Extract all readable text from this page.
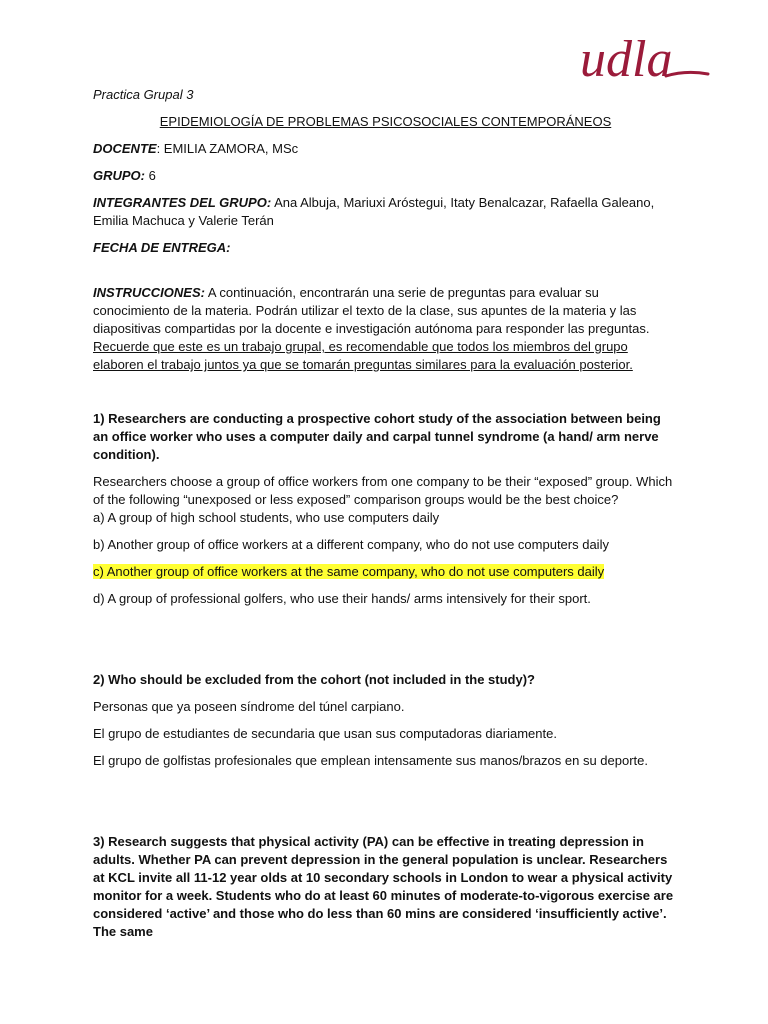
udla

Practica Grupal 3

EPIDEMIOLOGÍA DE PROBLEMAS PSICOSOCIALES CONTEMPORÁNEOS

DOCENTE: EMILIA ZAMORA, MSc

GRUPO: 6

INTEGRANTES DEL GRUPO: Ana Albuja, Mariuxi Aróstegui, Itaty Benalcazar, Rafaella Galeano, Emilia Machuca y Valerie Terán

FECHA DE ENTREGA:

INSTRUCCIONES: A continuación, encontrarán una serie de preguntas para evaluar su conocimiento de la materia. Podrán utilizar el texto de la clase, sus apuntes de la materia y las diapositivas compartidas por la docente e investigación autónoma para responder las preguntas. Recuerde que este es un trabajo grupal, es recomendable que todos los miembros del grupo elaboren el trabajo juntos ya que se tomarán preguntas similares para la evaluación posterior.

1) Researchers are conducting a prospective cohort study of the association between being an office worker who uses a computer daily and carpal tunnel syndrome (a hand/ arm nerve condition).

Researchers choose a group of office workers from one company to be their “exposed” group. Which of the following “unexposed or less exposed” comparison groups would be the best choice?

a) A group of high school students, who use computers daily

b) Another group of office workers at a different company, who do not use computers daily

c) Another group of office workers at the same company, who do not use computers daily

d) A group of professional golfers, who use their hands/ arms intensively for their sport.

2) Who should be excluded from the cohort (not included in the study)?

Personas que ya poseen síndrome del túnel carpiano.

El grupo de estudiantes de secundaria que usan sus computadoras diariamente.

El grupo de golfistas profesionales que emplean intensamente sus manos/brazos en su deporte.

3) Research suggests that physical activity (PA) can be effective in treating depression in adults. Whether PA can prevent depression in the general population is unclear. Researchers at KCL invite all 11-12 year olds at 10 secondary schools in London to wear a physical activity monitor for a week. Students who do at least 60 minutes of moderate-to-vigorous exercise are considered ‘active’ and those who do less than 60 mins are considered ‘insufficiently active’. The same
